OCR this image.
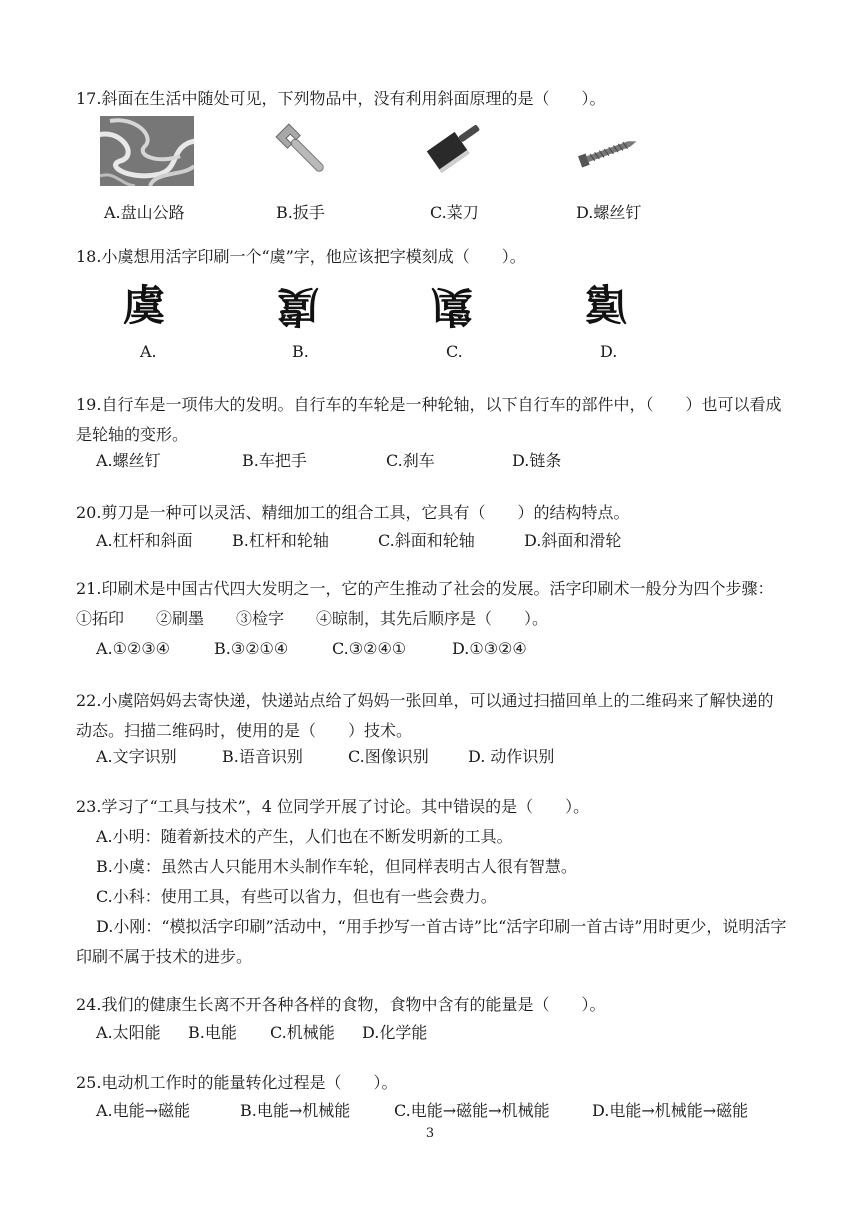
17.斜面在生活中随处可见，下列物品中，没有利用斜面原理的是（　　）。
A.盘山公路	B.扳手	C.菜刀	D.螺丝钉
18.小虞想用活字印刷一个“虞”字，他应该把字模刻成（　　）。
虞	虞	虞	虞
A.	B.	C.	D.
19.自行车是一项伟大的发明。自行车的车轮是一种轮轴，以下自行车的部件中，（　　）也可以看成是轮轴的变形。
A.螺丝钉	B.车把手	C.刹车	D.链条
20.剪刀是一种可以灵活、精细加工的组合工具，它具有（　　）的结构特点。
A.杠杆和斜面 B.杠杆和轮轴	C.斜面和轮轴	D.斜面和滑轮
21.印刷术是中国古代四大发明之一，它的产生推动了社会的发展。活字印刷术一般分为四个步骤：①拓印　　②刷墨　　③检字　　④晾制，其先后顺序是（　　）。
A.①②③④	B.③②①④	C.③②④①	D.①③②④
22.小虞陪妈妈去寄快递，快递站点给了妈妈一张回单，可以通过扫描回单上的二维码来了解快递的动态。扫描二维码时，使用的是（　　）技术。
A.文字识别	B.语音识别	C.图像识别 D. 动作识别
23.学习了“工具与技术”，4 位同学开展了讨论。其中错误的是（　　）。
A.小明：随着新技术的产生，人们也在不断发明新的工具。
B.小虞：虽然古人只能用木头制作车轮，但同样表明古人很有智慧。
C.小科：使用工具，有些可以省力，但也有一些会费力。
D.小刚：“模拟活字印刷”活动中，“用手抄写一首古诗”比“活字印刷一首古诗”用时更少，说明活字印刷不属于技术的进步。
24.我们的健康生长离不开各种各样的食物，食物中含有的能量是（　　）。
A.太阳能 B.电能 C.机械能 D.化学能
25.电动机工作时的能量转化过程是（　　）。
A.电能→磁能	B.电能→机械能	C.电能→磁能→机械能	D.电能→机械能→磁能
3
